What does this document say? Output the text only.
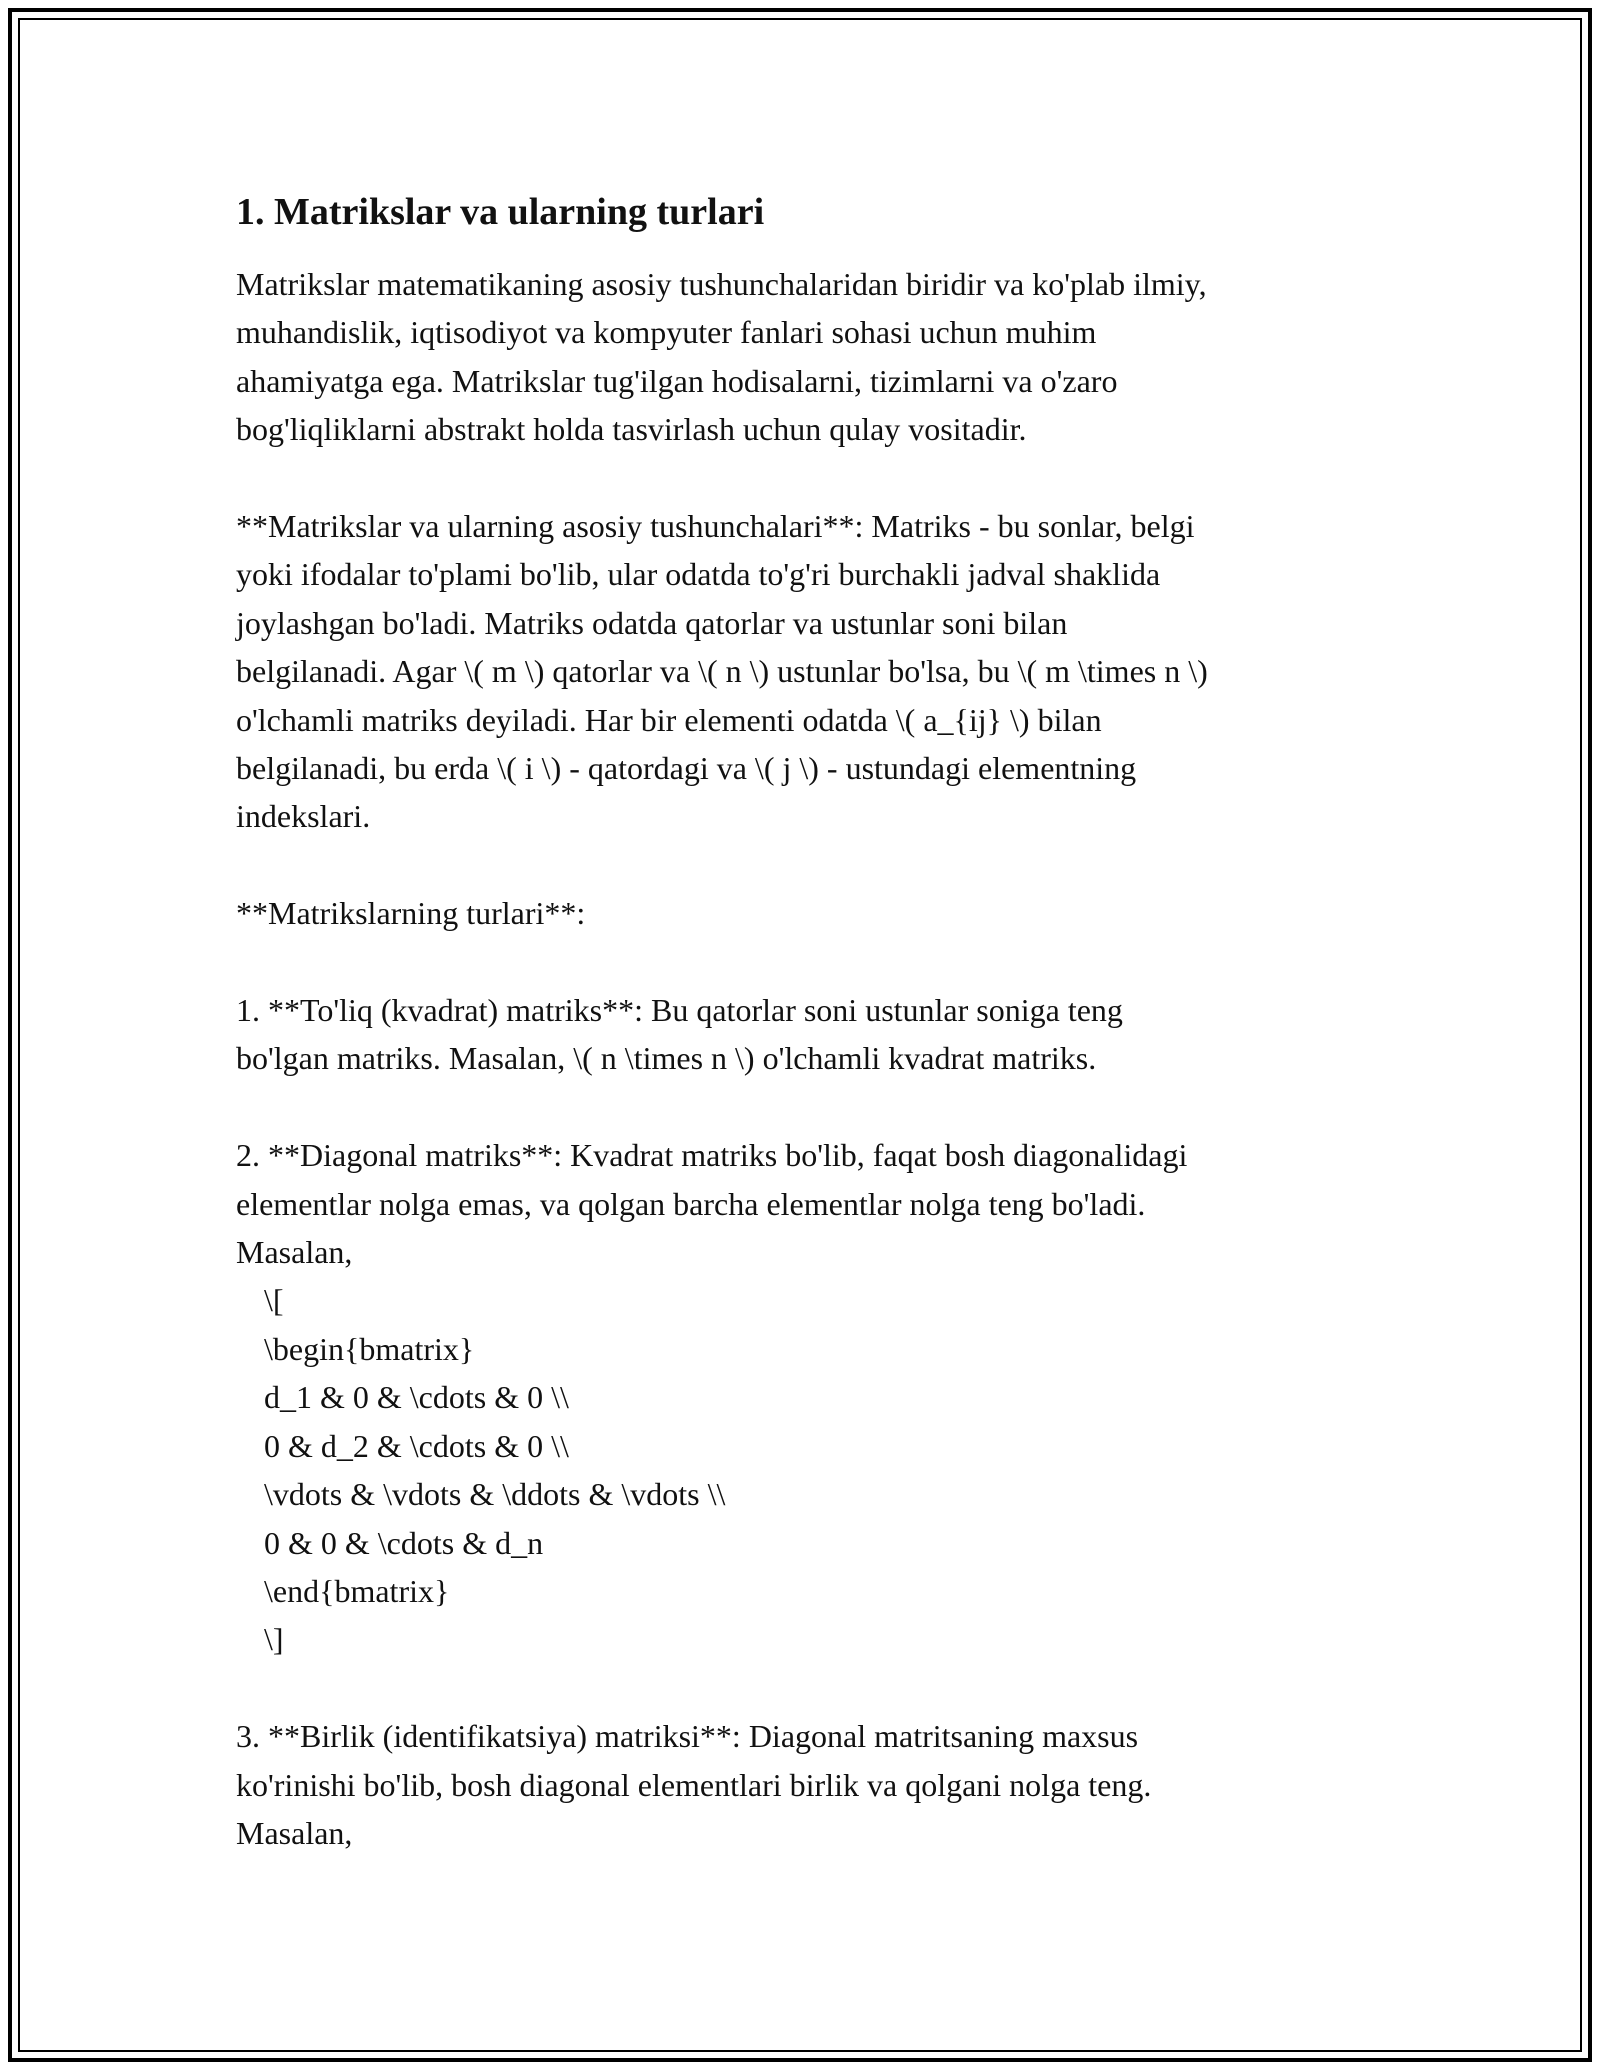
1. Matrikslar va ularning turlari

Matrikslar matematikaning asosiy tushunchalaridan biridir va ko'plab ilmiy,
muhandislik, iqtisodiyot va kompyuter fanlari sohasi uchun muhim
ahamiyatga ega. Matrikslar tug'ilgan hodisalarni, tizimlarni va o'zaro
bog'liqliklarni abstrakt holda tasvirlash uchun qulay vositadir.

**Matrikslar va ularning asosiy tushunchalari**: Matriks - bu sonlar, belgi
yoki ifodalar to'plami bo'lib, ular odatda to'g'ri burchakli jadval shaklida
joylashgan bo'ladi. Matriks odatda qatorlar va ustunlar soni bilan
belgilanadi. Agar \( m \) qatorlar va \( n \) ustunlar bo'lsa, bu \( m \times n \)
o'lchamli matriks deyiladi. Har bir elementi odatda \( a_{ij} \) bilan
belgilanadi, bu erda \( i \) - qatordagi va \( j \) - ustundagi elementning
indekslari.

**Matrikslarning turlari**:

1. **To'liq (kvadrat) matriks**: Bu qatorlar soni ustunlar soniga teng
bo'lgan matriks. Masalan, \( n \times n \) o'lchamli kvadrat matriks.

2. **Diagonal matriks**: Kvadrat matriks bo'lib, faqat bosh diagonalidagi
elementlar nolga emas, va qolgan barcha elementlar nolga teng bo'ladi.
Masalan,

\[
\begin{bmatrix}
d_1 & 0 & \cdots & 0 \\
0 & d_2 & \cdots & 0 \\
\vdots & \vdots & \ddots & \vdots \\
0 & 0 & \cdots & d_n
\end{bmatrix}
\]

3. **Birlik (identifikatsiya) matriksi**: Diagonal matritsaning maxsus
ko'rinishi bo'lib, bosh diagonal elementlari birlik va qolgani nolga teng.
Masalan,
